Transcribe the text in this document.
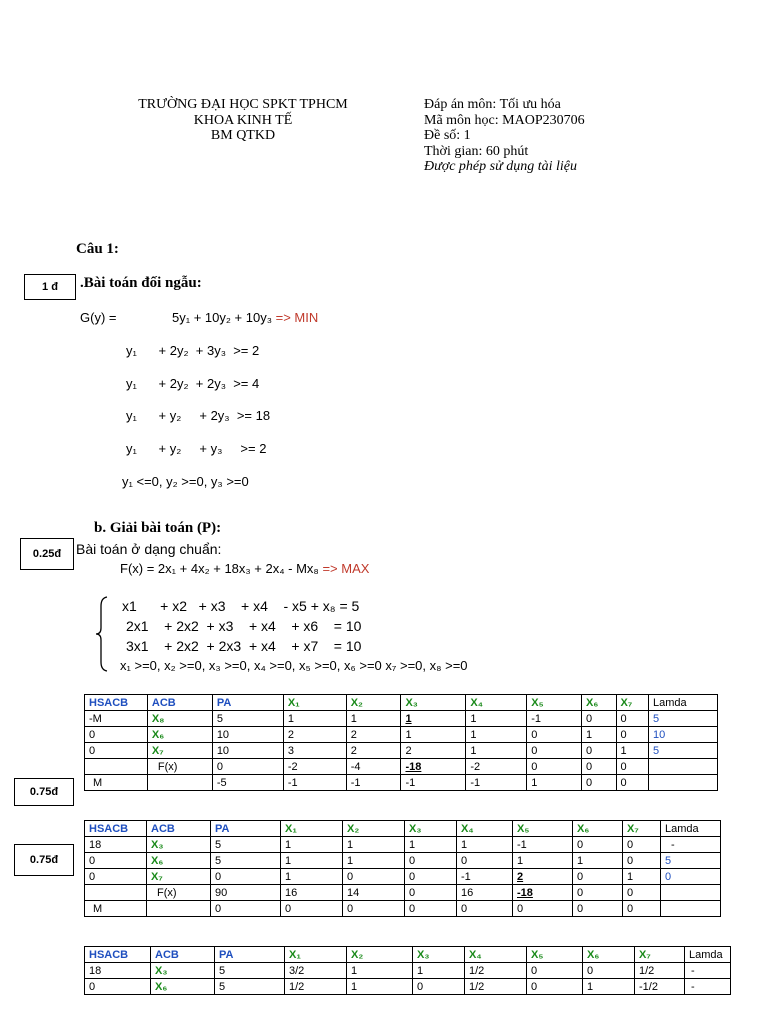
TRƯỜNG ĐẠI HỌC SPKT TPHCM
KHOA KINH TẾ
BM QTKD
Đáp án môn: Tối ưu hóa
Mã môn học: MAOP230706
Đề số: 1
Thời gian: 60 phút
Được phép sử dụng tài liệu
Câu 1:
1 đ	.Bài toán đối ngẫu:
G(y) =	5y₁ + 10y₂ + 10y₃ => MIN
y₁      + 2y₂  + 3y₃  >= 2
y₁      + 2y₂  + 2y₃  >= 4
y₁      + y₂     + 2y₃  >= 18
y₁      + y₂     + y₃     >= 2
y₁ <=0, y₂ >=0, y₃ >=0
b. Giải bài toán (P):
0.25đ	Bài toán ở dạng chuẩn:
F(x) = 2x₁ + 4x₂ + 18x₃ + 2x₄ - Mx₈ => MAX
x1      + x2   + x3    + x4    - x5 + x₈ = 5
2x1    + 2x2  + x3    + x4    + x6    = 10
3x1    + 2x2  + 2x3  + x4    + x7    = 10
x₁ >=0, x₂ >=0, x₃ >=0, x₄ >=0, x₅ >=0, x₆ >=0 x₇ >=0, x₈ >=0
0.75đ
0.75đ
HSACB	ACB	PA	X₁	X₂	X₃	X₄	X₅	X₆	X₇	Lamda
-M	X₈	5	1	1	1	1	-1	0	0	5
0	X₆	10	2	2	1	1	0	1	0	10
0	X₇	10	3	2	2	1	0	0	1	5
	F(x)	0	-2	-4	-18	-2	0	0	0	
M		-5	-1	-1	-1	-1	1	0	0	
HSACB	ACB	PA	X₁	X₂	X₃	X₄	X₅	X₆	X₇	Lamda
18	X₃	5	1	1	1	1	-1	0	0	-
0	X₆	5	1	1	0	0	1	1	0	5
0	X₇	0	1	0	0	-1	2	0	1	0
	F(x)	90	16	14	0	16	-18	0	0	
M		0	0	0	0	0	0	0	0	
HSACB	ACB	PA	X₁	X₂	X₃	X₄	X₅	X₆	X₇	Lamda
18	X₃	5	3/2	1	1	1/2	0	0	1/2	-
0	X₆	5	1/2	1	0	1/2	0	1	-1/2	-
